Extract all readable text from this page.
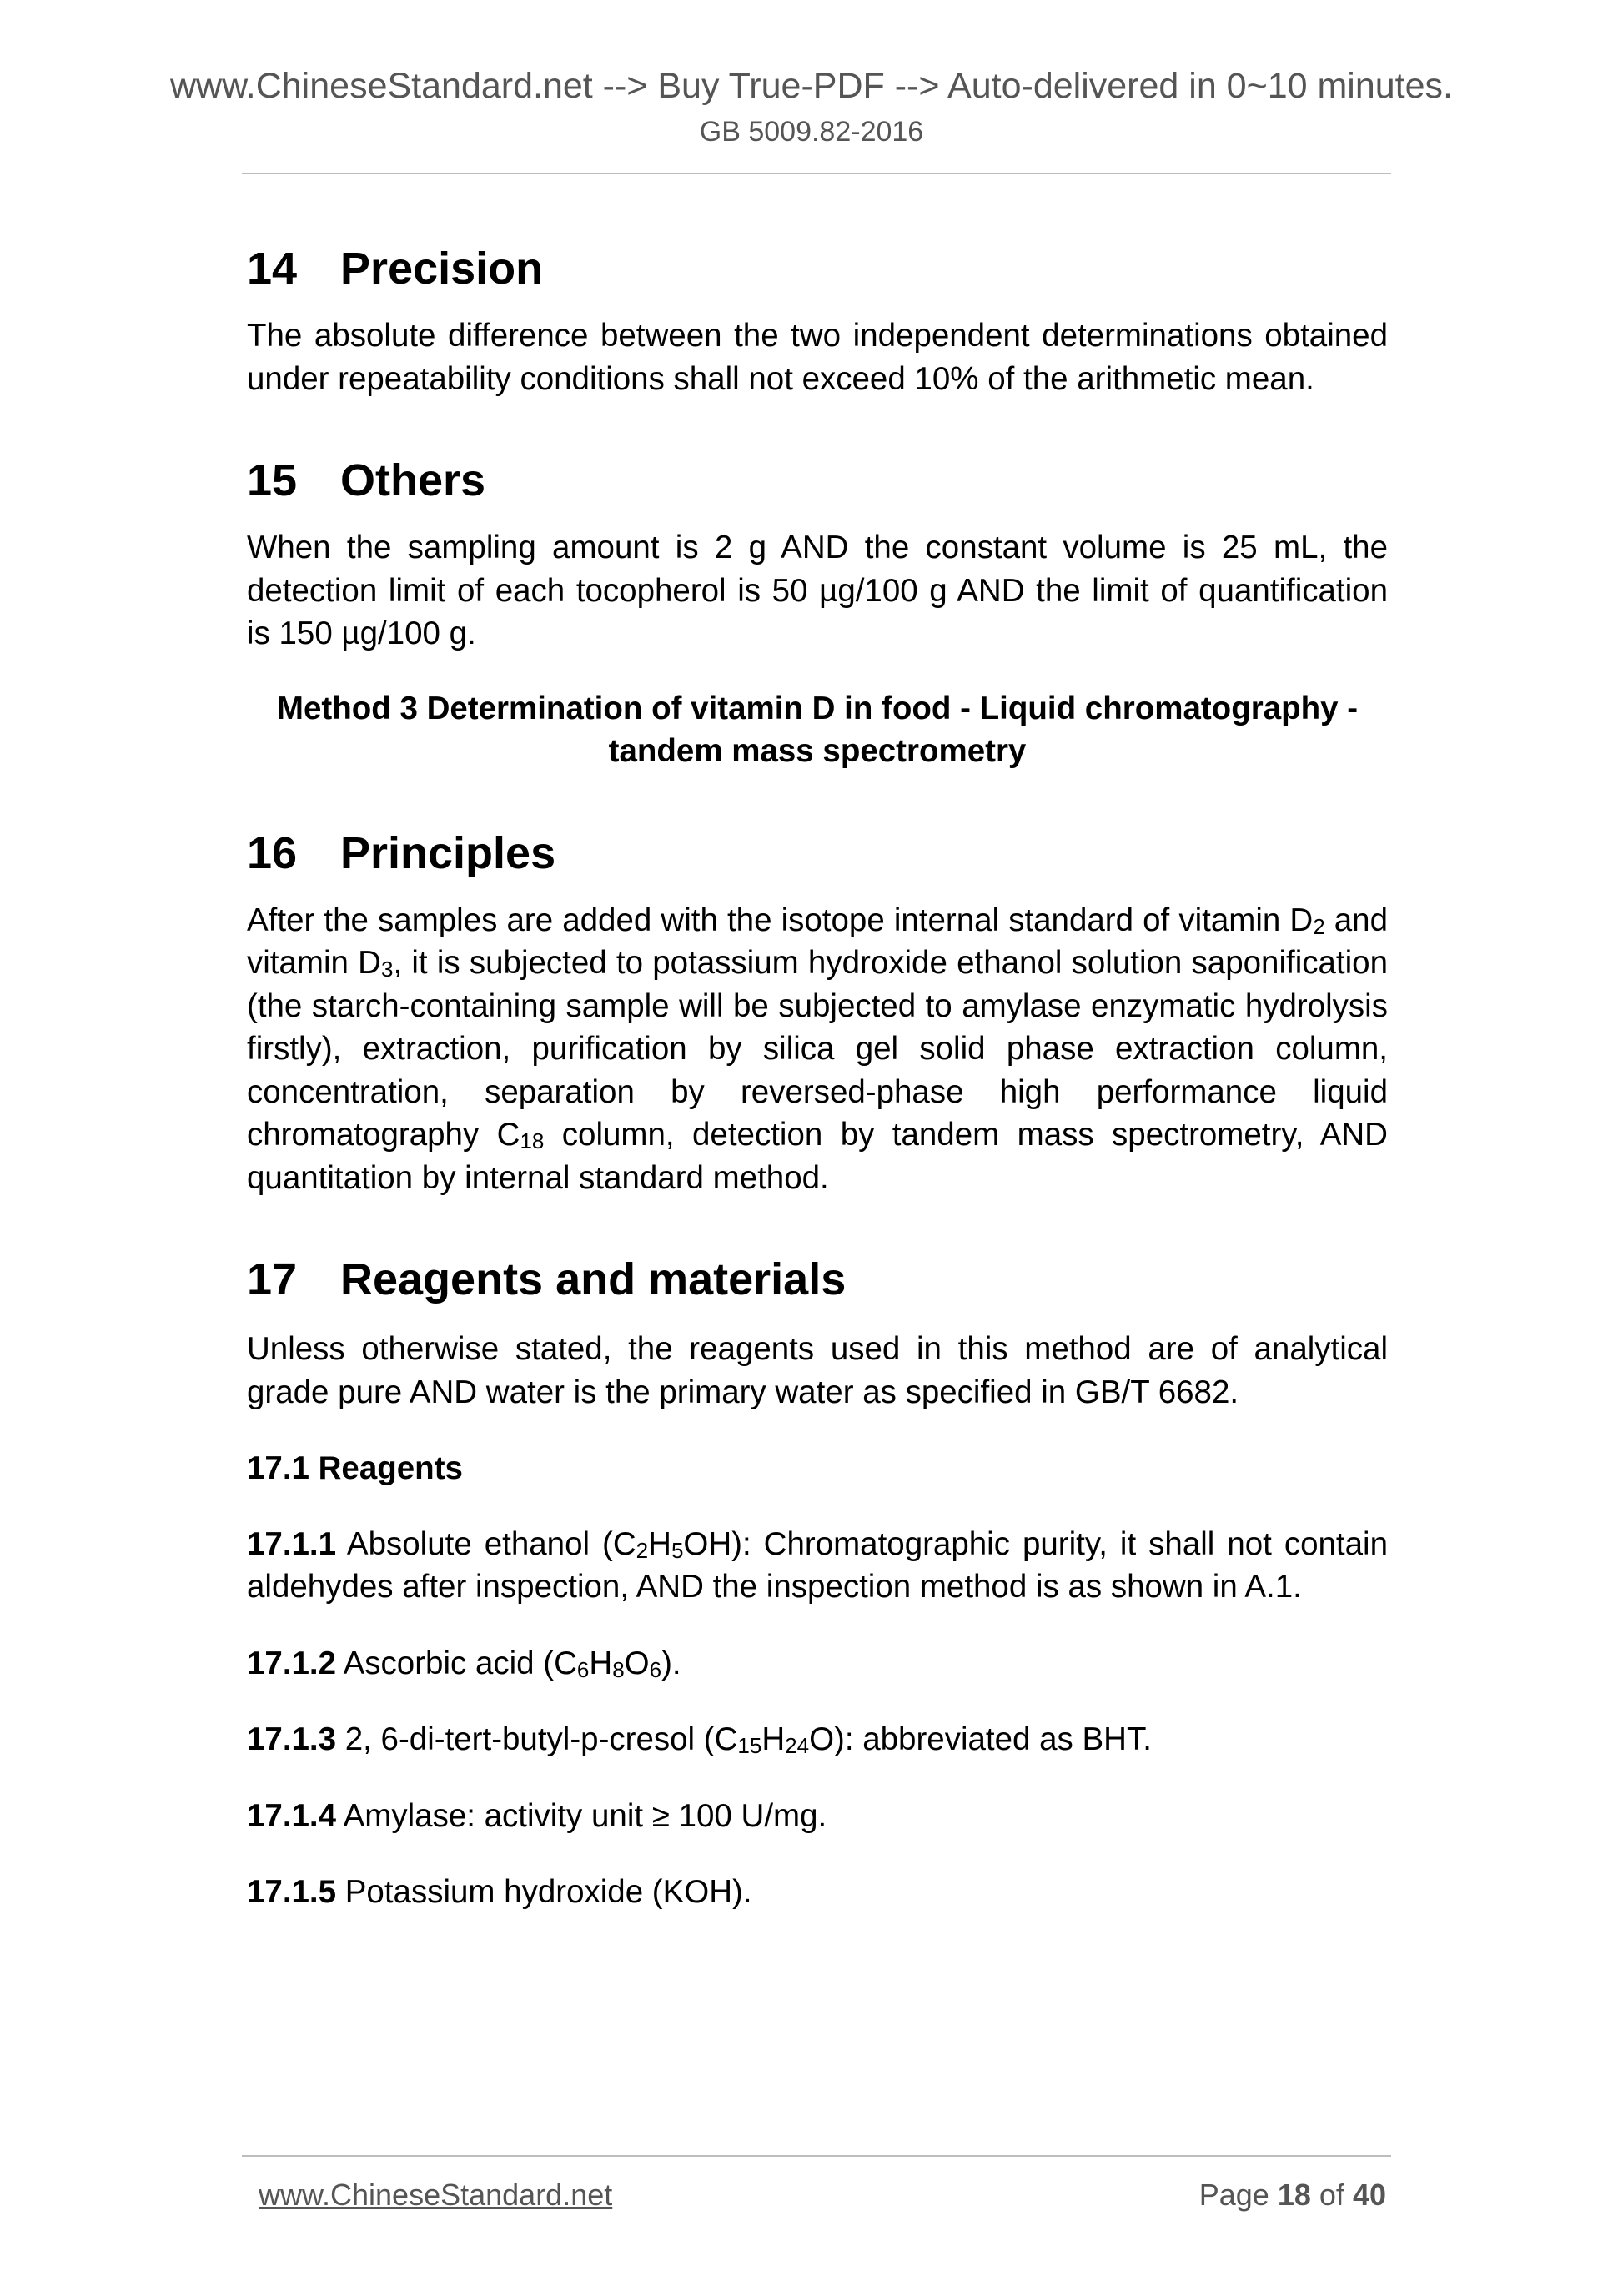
www.ChineseStandard.net --> Buy True-PDF --> Auto-delivered in 0~10 minutes.
GB 5009.82-2016
14 Precision

The absolute difference between the two independent determinations obtained under repeatability conditions shall not exceed 10% of the arithmetic mean.

15 Others

When the sampling amount is 2 g AND the constant volume is 25 mL, the detection limit of each tocopherol is 50 µg/100 g AND the limit of quantification is 150 µg/100 g.

Method 3 Determination of vitamin D in food - Liquid chromatography -
tandem mass spectrometry
16 Principles

After the samples are added with the isotope internal standard of vitamin D2 and vitamin D3, it is subjected to potassium hydroxide ethanol solution saponification (the starch-containing sample will be subjected to amylase enzymatic hydrolysis firstly), extraction, purification by silica gel solid phase extraction column, concentration, separation by reversed-phase high performance liquid chromatography C18 column, detection by tandem mass spectrometry, AND quantitation by internal standard method.

17 Reagents and materials

Unless otherwise stated, the reagents used in this method are of analytical grade pure AND water is the primary water as specified in GB/T 6682.

17.1 Reagents

17.1.1 Absolute ethanol (C2H5OH): Chromatographic purity, it shall not contain aldehydes after inspection, AND the inspection method is as shown in A.1.

17.1.2 Ascorbic acid (C6H8O6).

17.1.3 2, 6-di-tert-butyl-p-cresol (C15H24O): abbreviated as BHT.

17.1.4 Amylase: activity unit ≥ 100 U/mg.

17.1.5 Potassium hydroxide (KOH).

www.ChineseStandard.net	Page 18 of 40
